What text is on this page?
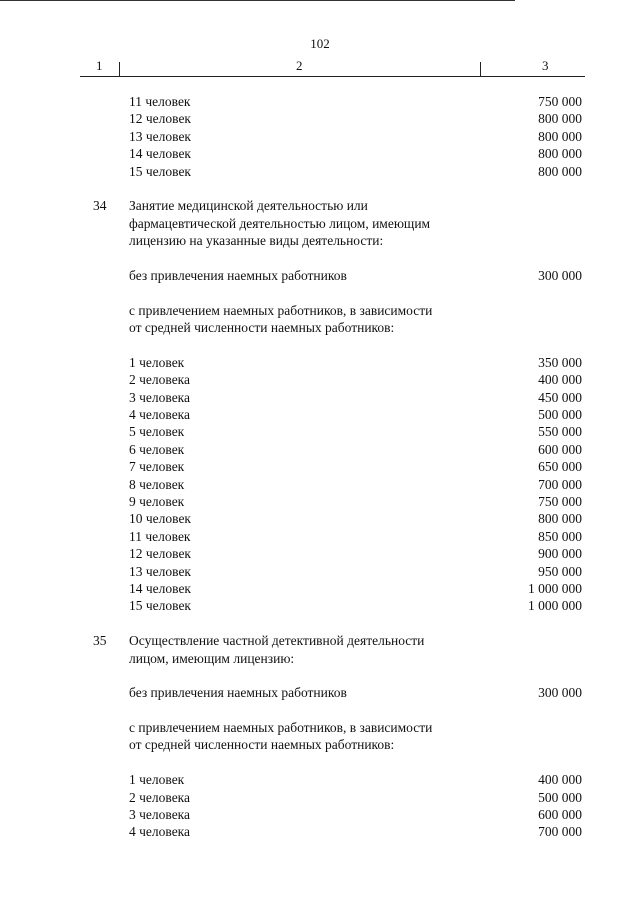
102
1	2	3
11 человек	750 000
12 человек	800 000
13 человек	800 000
14 человек	800 000
15 человек	800 000
34 Занятие медицинской деятельностью или
фармацевтической деятельностью лицом, имеющим
лицензию на указанные виды деятельности:
без привлечения наемных работников	300 000
с привлечением наемных работников, в зависимости
от средней численности наемных работников:
1 человек	350 000
2 человека	400 000
3 человека	450 000
4 человека	500 000
5 человек	550 000
6 человек	600 000
7 человек	650 000
8 человек	700 000
9 человек	750 000
10 человек	800 000
11 человек	850 000
12 человек	900 000
13 человек	950 000
14 человек	1 000 000
15 человек	1 000 000
35 Осуществление частной детективной деятельности
лицом, имеющим лицензию:
без привлечения наемных работников	300 000
с привлечением наемных работников, в зависимости
от средней численности наемных работников:
1 человек	400 000
2 человека	500 000
3 человека	600 000
4 человека	700 000
